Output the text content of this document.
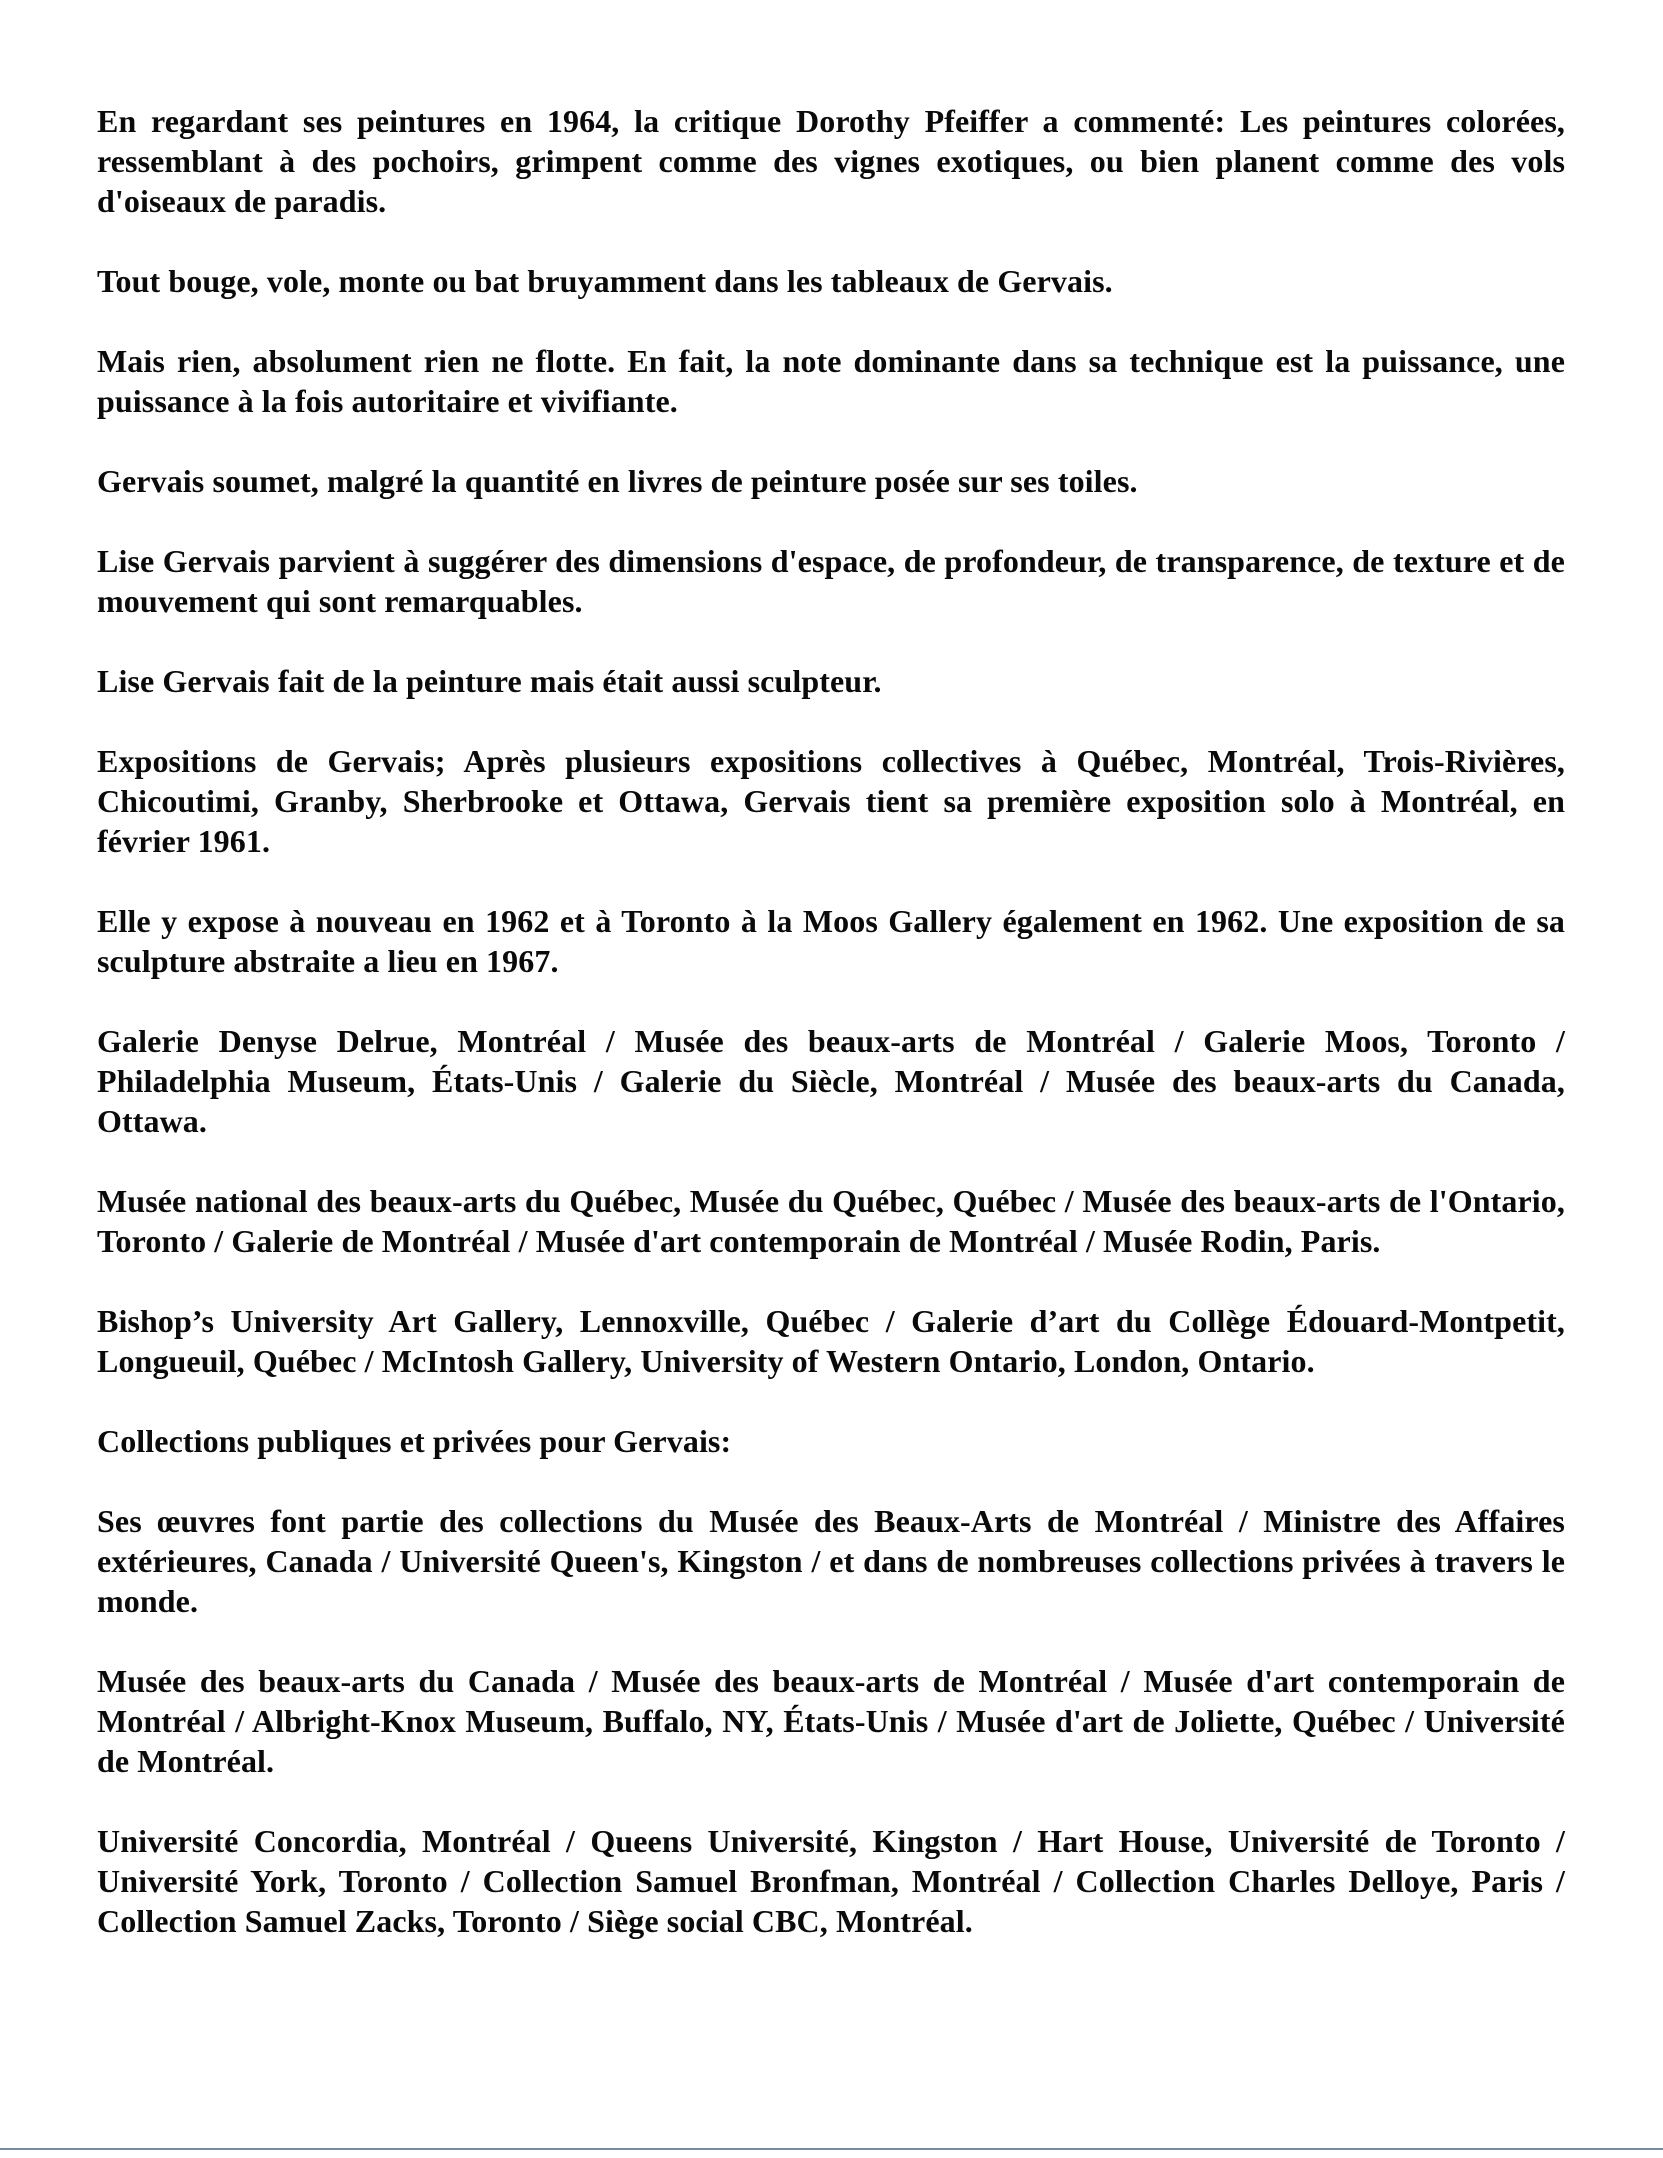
En regardant ses peintures en 1964, la critique Dorothy Pfeiffer a commenté: Les peintures colorées, ressemblant à des pochoirs, grimpent comme des vignes exotiques, ou bien planent comme des vols d'oiseaux de paradis.

Tout bouge, vole, monte ou bat bruyamment dans les tableaux de Gervais.

Mais rien, absolument rien ne flotte. En fait, la note dominante dans sa technique est la puissance, une puissance à la fois autoritaire et vivifiante.

Gervais soumet, malgré la quantité en livres de peinture posée sur ses toiles.

Lise Gervais parvient à suggérer des dimensions d'espace, de profondeur, de transparence, de texture et de mouvement qui sont remarquables.

Lise Gervais fait de la peinture mais était aussi sculpteur.

Expositions de Gervais; Après plusieurs expositions collectives à Québec, Montréal, Trois-Rivières, Chicoutimi, Granby, Sherbrooke et Ottawa, Gervais tient sa première exposition solo à Montréal, en février 1961.

Elle y expose à nouveau en 1962 et à Toronto à la Moos Gallery également en 1962. Une exposition de sa sculpture abstraite a lieu en 1967.

Galerie Denyse Delrue, Montréal / Musée des beaux-arts de Montréal / Galerie Moos, Toronto / Philadelphia Museum, États-Unis / Galerie du Siècle, Montréal / Musée des beaux-arts du Canada, Ottawa.

Musée national des beaux-arts du Québec, Musée du Québec, Québec / Musée des beaux-arts de l'Ontario, Toronto / Galerie de Montréal / Musée d'art contemporain de Montréal / Musée Rodin, Paris.

Bishop’s University Art Gallery, Lennoxville, Québec / Galerie d’art du Collège Édouard-Montpetit, Longueuil, Québec / McIntosh Gallery, University of Western Ontario, London, Ontario.

Collections publiques et privées pour Gervais:

Ses œuvres font partie des collections du Musée des Beaux-Arts de Montréal / Ministre des Affaires extérieures, Canada / Université Queen's, Kingston / et dans de nombreuses collections privées à travers le monde.

Musée des beaux-arts du Canada / Musée des beaux-arts de Montréal / Musée d'art contemporain de Montréal / Albright-Knox Museum, Buffalo, NY, États-Unis / Musée d'art de Joliette, Québec / Université de Montréal.

Université Concordia, Montréal / Queens Université, Kingston / Hart House, Université de Toronto / Université York, Toronto / Collection Samuel Bronfman, Montréal / Collection Charles Delloye, Paris / Collection Samuel Zacks, Toronto / Siège social CBC, Montréal.
